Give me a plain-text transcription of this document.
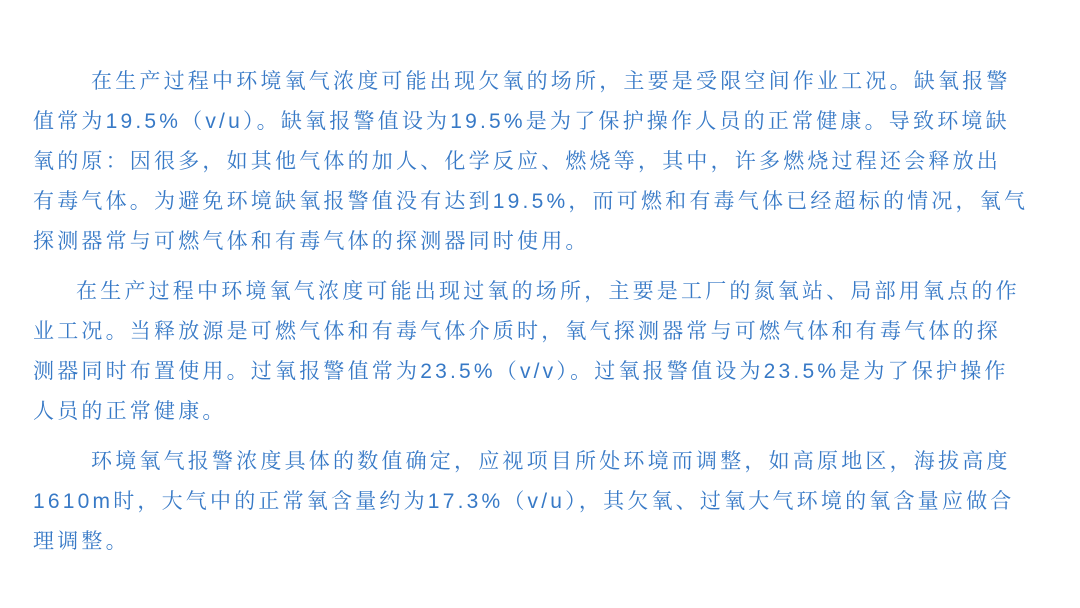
在生产过程中环境氧气浓度可能出现欠氧的场所，主要是受限空间作业工况。缺氧报警
值常为19.5%（v/u）。缺氧报警值设为19.5%是为了保护操作人员的正常健康。导致环境缺
氧的原：因很多，如其他气体的加人、化学反应、燃烧等，其中，许多燃烧过程还会释放出
有毒气体。为避免环境缺氧报警值没有达到19.5%，而可燃和有毒气体已经超标的情况，氧气
探测器常与可燃气体和有毒气体的探测器同时使用。
在生产过程中环境氧气浓度可能出现过氧的场所，主要是工厂的氮氧站、局部用氧点的作
业工况。当释放源是可燃气体和有毒气体介质时，氧气探测器常与可燃气体和有毒气体的探
测器同时布置使用。过氧报警值常为23.5%（v/v）。过氧报警值设为23.5%是为了保护操作
人员的正常健康。
环境氧气报警浓度具体的数值确定，应视项目所处环境而调整，如高原地区，海拔高度
1610m时，大气中的正常氧含量约为17.3%（v/u），其欠氧、过氧大气环境的氧含量应做合
理调整。
